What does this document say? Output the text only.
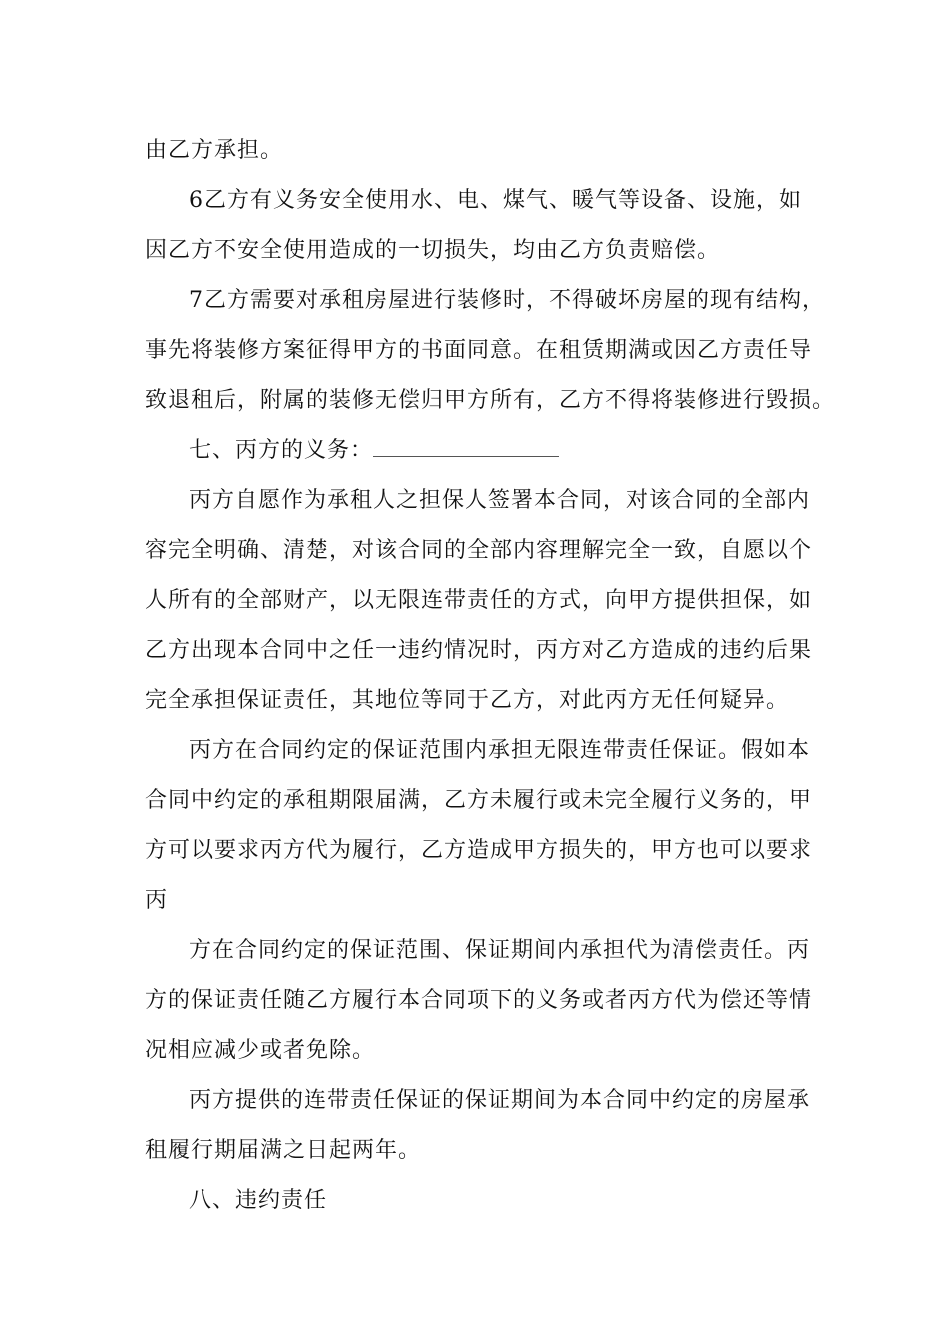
由乙方承担。
6乙方有义务安全使用水、电、煤气、暖气等设备、设施，如
因乙方不安全使用造成的一切损失，均由乙方负责赔偿。
7乙方需要对承租房屋进行装修时，不得破坏房屋的现有结构，
事先将装修方案征得甲方的书面同意。在租赁期满或因乙方责任导
致退租后，附属的装修无偿归甲方所有，乙方不得将装修进行毁损。
七、丙方的义务：
丙方自愿作为承租人之担保人签署本合同，对该合同的全部内
容完全明确、清楚，对该合同的全部内容理解完全一致，自愿以个
人所有的全部财产，以无限连带责任的方式，向甲方提供担保，如
乙方出现本合同中之任一违约情况时，丙方对乙方造成的违约后果
完全承担保证责任，其地位等同于乙方，对此丙方无任何疑异。
丙方在合同约定的保证范围内承担无限连带责任保证。假如本
合同中约定的承租期限届满，乙方未履行或未完全履行义务的，甲
方可以要求丙方代为履行，乙方造成甲方损失的，甲方也可以要求
丙
方在合同约定的保证范围、保证期间内承担代为清偿责任。丙
方的保证责任随乙方履行本合同项下的义务或者丙方代为偿还等情
况相应减少或者免除。
丙方提供的连带责任保证的保证期间为本合同中约定的房屋承
租履行期届满之日起两年。
八、违约责任
